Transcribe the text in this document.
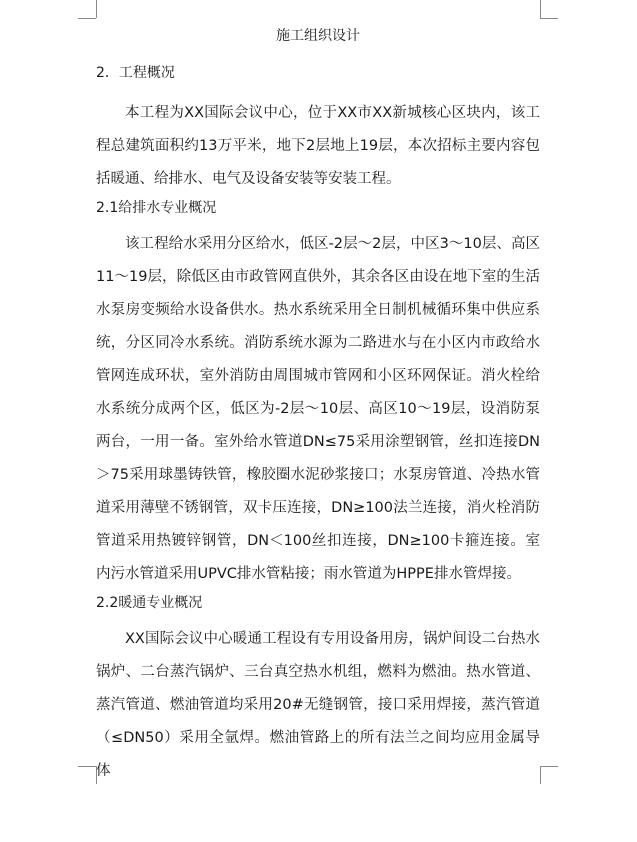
施工组织设计
2．工程概况

本工程为XX国际会议中心，位于XX市XX新城核心区块内，该工程总建筑面积约13万平米，地下2层地上19层，本次招标主要内容包括暖通、给排水、电气及设备安装等安装工程。

2.1给排水专业概况

该工程给水采用分区给水，低区-2层～2层，中区3～10层、高区11～19层，除低区由市政管网直供外，其余各区由设在地下室的生活水泵房变频给水设备供水。热水系统采用全日制机械循环集中供应系统，分区同冷水系统。消防系统水源为二路进水与在小区内市政给水管网连成环状，室外消防由周围城市管网和小区环网保证。消火栓给水系统分成两个区，低区为-2层～10层、高区10～19层，设消防泵两台，一用一备。室外给水管道DN≤75采用涂塑钢管，丝扣连接DN＞75采用球墨铸铁管，橡胶圈水泥砂浆接口；水泵房管道、冷热水管道采用薄壁不锈钢管，双卡压连接，DN≥100法兰连接，消火栓消防管道采用热镀锌钢管，DN＜100丝扣连接，DN≥100卡箍连接。室内污水管道采用UPVC排水管粘接；雨水管道为HPPE排水管焊接。

2.2暖通专业概况

XX国际会议中心暖通工程设有专用设备用房，锅炉间设二台热水锅炉、二台蒸汽锅炉、三台真空热水机组，燃料为燃油。热水管道、蒸汽管道、燃油管道均采用20#无缝钢管，接口采用焊接，蒸汽管道（≤DN50）采用全氩焊。燃油管路上的所有法兰之间均应用金属导体
